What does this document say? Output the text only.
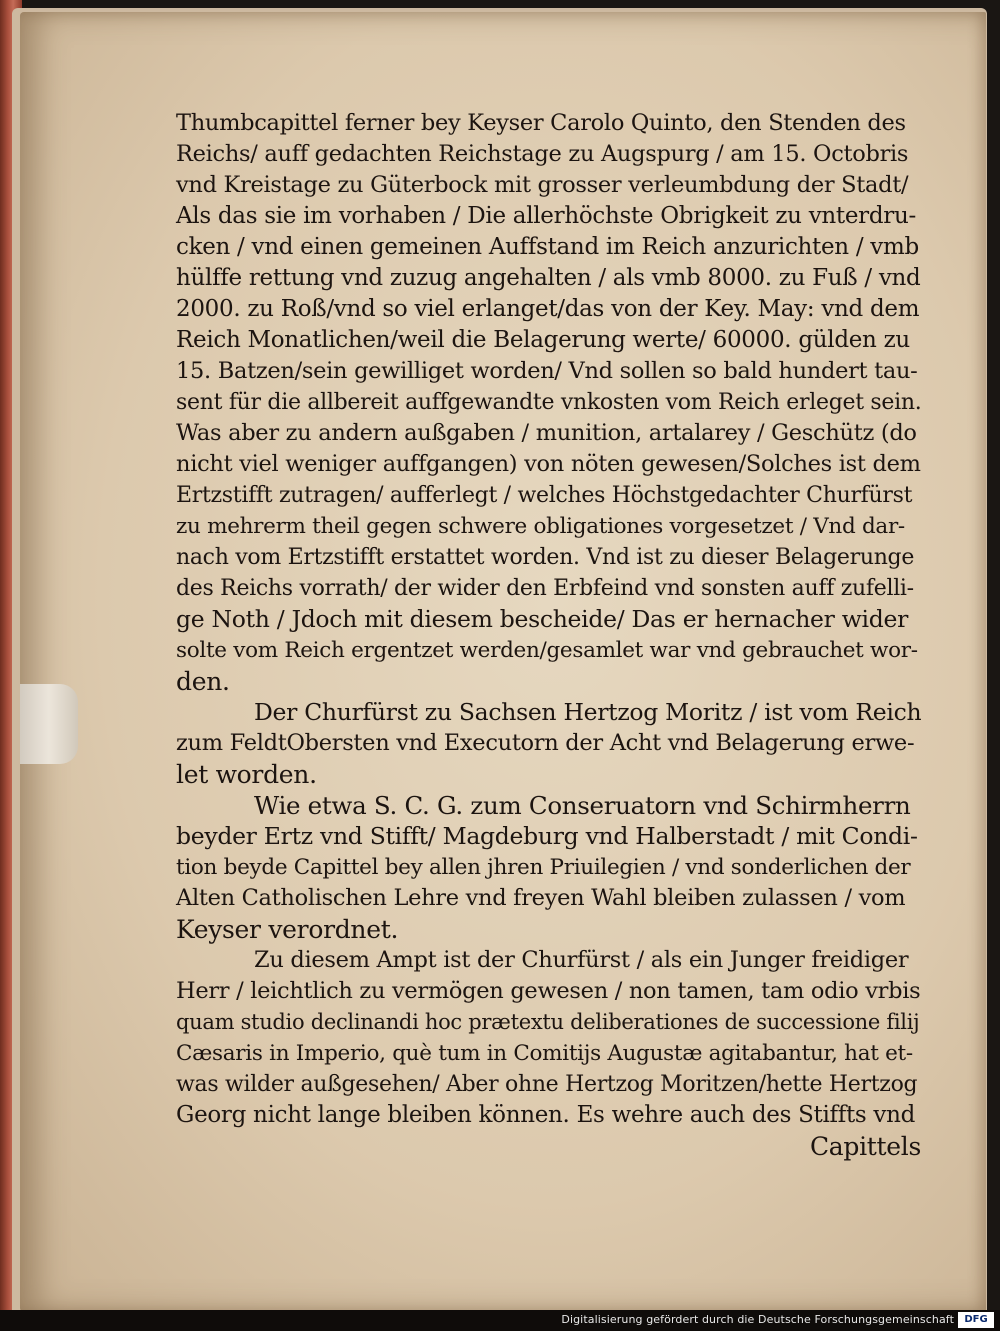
Thumbcapittel ferner bey Keyser Carolo Quinto, den Stenden des
Reichs/ auff gedachten Reichstage zu Augspurg / am 15. Octobris
vnd Kreistage zu Güterbock mit grosser verleumbdung der Stadt/
Als das sie im vorhaben / Die allerhöchste Obrigkeit zu vnterdru-
cken / vnd einen gemeinen Auffstand im Reich anzurichten / vmb
hülffe rettung vnd zuzug angehalten / als vmb 8000. zu Fuß / vnd
2000. zu Roß/vnd so viel erlanget/das von der Key. May: vnd dem
Reich Monatlichen/weil die Belagerung werte/ 60000. gülden zu
15. Batzen/sein gewilliget worden/ Vnd sollen so bald hundert tau-
sent für die allbereit auffgewandte vnkosten vom Reich erleget sein.
Was aber zu andern außgaben / munition, artalarey / Geschütz (do
nicht viel weniger auffgangen) von nöten gewesen/Solches ist dem
Ertzstifft zutragen/ aufferlegt / welches Höchstgedachter Churfürst
zu mehrerm theil gegen schwere obligationes vorgesetzet / Vnd dar-
nach vom Ertzstifft erstattet worden. Vnd ist zu dieser Belagerunge
des Reichs vorrath/ der wider den Erbfeind vnd sonsten auff zufelli-
ge Noth / Jdoch mit diesem bescheide/ Das er hernacher wider
solte vom Reich ergentzet werden/gesamlet war vnd gebrauchet wor-
den.
Der Churfürst zu Sachsen Hertzog Moritz / ist vom Reich
zum FeldtObersten vnd Executorn der Acht vnd Belagerung erwe-
let worden.
Wie etwa S. C. G. zum Conseruatorn vnd Schirmherrn
beyder Ertz vnd Stifft/ Magdeburg vnd Halberstadt / mit Condi-
tion beyde Capittel bey allen jhren Priuilegien / vnd sonderlichen der
Alten Catholischen Lehre vnd freyen Wahl bleiben zulassen / vom
Keyser verordnet.
Zu diesem Ampt ist der Churfürst / als ein Junger freidiger
Herr / leichtlich zu vermögen gewesen / non tamen, tam odio vrbis
quam studio declinandi hoc prætextu deliberationes de successione filij
Cæsaris in Imperio, què tum in Comitijs Augustæ agitabantur, hat et-
was wilder außgesehen/ Aber ohne Hertzog Moritzen/hette Hertzog
Georg nicht lange bleiben können. Es wehre auch des Stiffts vnd
Capittels
Digitalisierung gefördert durch die Deutsche Forschungsgemeinschaft	DFG
